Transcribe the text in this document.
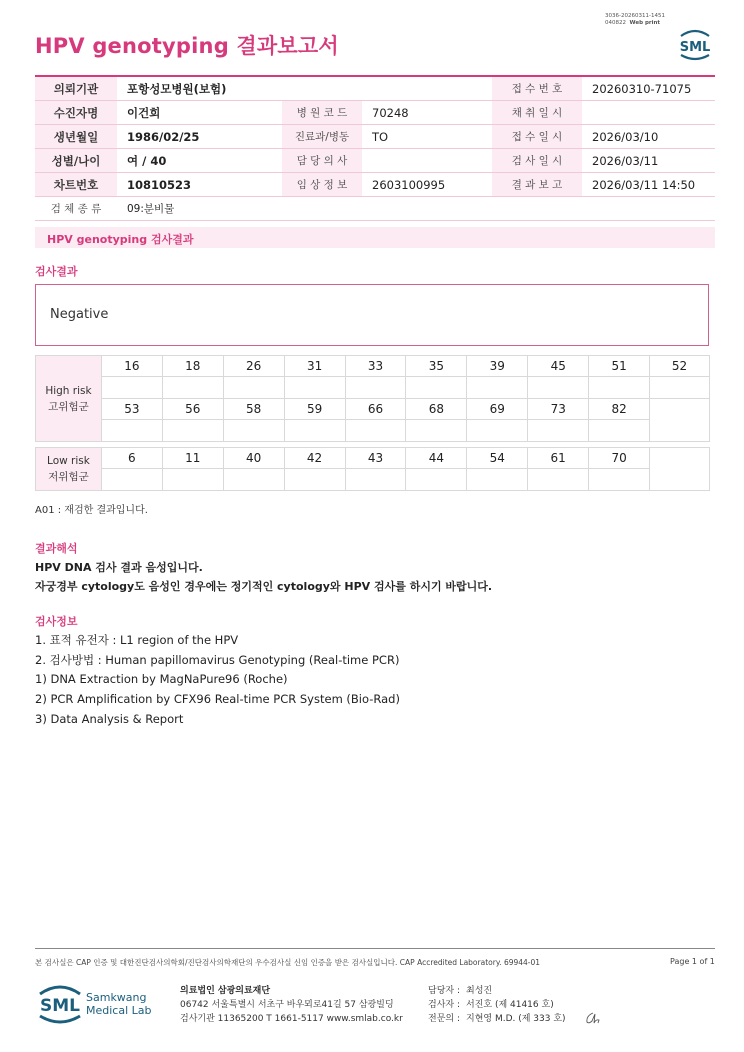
3036-20260311-1451
040822 Web print
HPV genotyping 결과보고서	SML
의뢰기관	포항성모병원(보험)			접 수 번 호	20260310-71075
수진자명	이건희	병 원 코 드	70248	채 취 일 시	
생년월일	1986/02/25	진료과/병동	TO	접 수 일 시	2026/03/10
성별/나이	여 / 40	담 당 의 사		검 사 일 시	2026/03/11
차트번호	10810523	임 상 정 보	2603100995	결 과 보 고	2026/03/11 14:50
검 체 종 류	09:분비물				
HPV genotyping 검사결과
검사결과
Negative
High risk
고위험군	16	18	26	31	33	35	39	45	51	52

	53	56	58	59	66	68	69	73	82	

Low risk
저위험군	6	11	40	42	43	44	54	61	70	

A01 : 재검한 결과입니다.
결과해석
HPV DNA 검사 결과 음성입니다.
자궁경부 cytology도 음성인 경우에는 정기적인 cytology와 HPV 검사를 하시기 바랍니다.
검사정보
1. 표적 유전자 : L1 region of the HPV
2. 검사방법 : Human papillomavirus Genotyping (Real-time PCR)
1) DNA Extraction by MagNaPure96 (Roche)
2) PCR Amplification by CFX96 Real-time PCR System (Bio-Rad)
3) Data Analysis & Report
본 검사실은 CAP 인증 및 대한진단검사의학회/진단검사의학재단의 우수검사실 신임 인증을 받은 검사실입니다. CAP Accredited Laboratory. 69944-01	Page 1 of 1
SML Samkwang
Medical Lab
의료법인 삼광의료재단
06742 서울특별시 서초구 바우뫼로41길 57 삼광빌딩
검사기관 11365200 T 1661-5117 www.smlab.co.kr
담당자 : 최성진
검사자 : 서진호 (제 41416 호)
전문의 : 지현영 M.D. (제 333 호)
